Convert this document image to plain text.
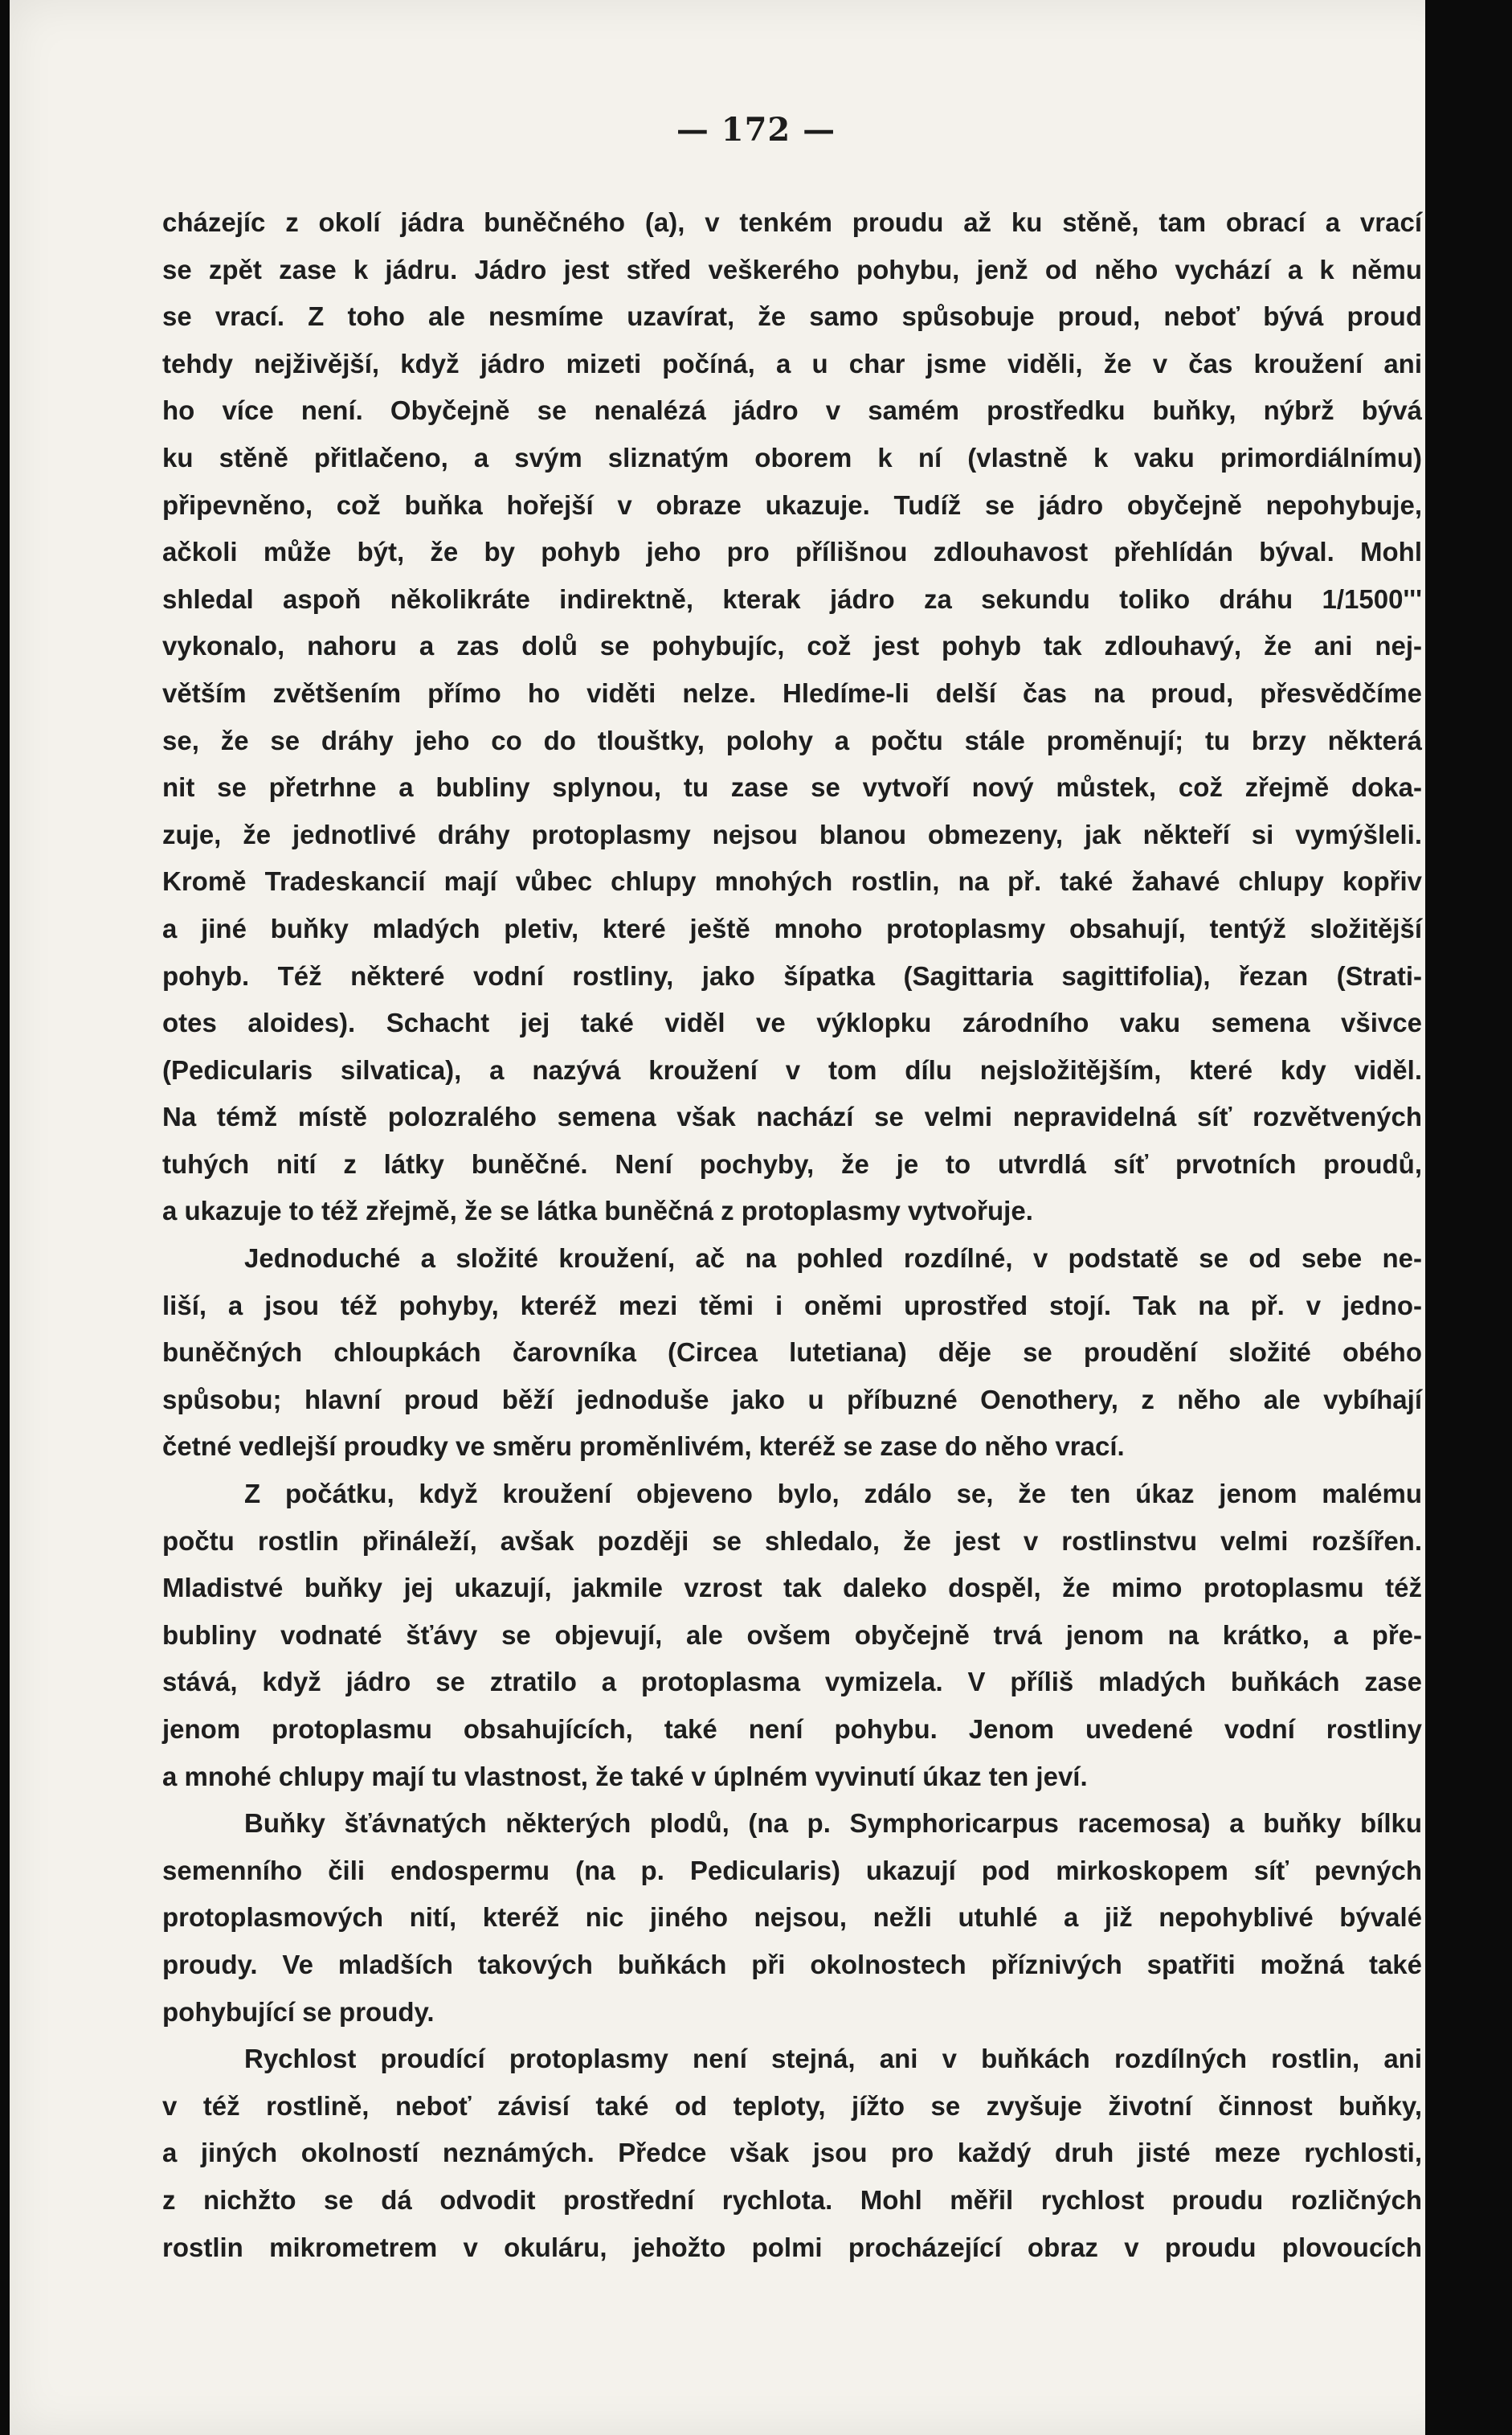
— 172 —
cházejíc z okolí jádra buněčného (a), v tenkém proudu až ku stěně, tam obrací a vrací
se zpět zase k jádru. Jádro jest střed veškerého pohybu, jenž od něho vychází a k němu
se vrací. Z toho ale nesmíme uzavírat, že samo spůsobuje proud, neboť bývá proud
tehdy nejživější, když jádro mizeti počíná, a u char jsme viděli, že v čas kroužení ani
ho více není. Obyčejně se nenalézá jádro v samém prostředku buňky, nýbrž bývá
ku stěně přitlačeno, a svým sliznatým oborem k ní (vlastně k vaku primordiálnímu)
připevněno, což buňka hořejší v obraze ukazuje. Tudíž se jádro obyčejně nepohybuje,
ačkoli může být, že by pohyb jeho pro přílišnou zdlouhavost přehlídán býval. Mohl
shledal aspoň několikráte indirektně, kterak jádro za sekundu toliko dráhu 1/1500'''
vykonalo, nahoru a zas dolů se pohybujíc, což jest pohyb tak zdlouhavý, že ani nej-
větším zvětšením přímo ho viděti nelze. Hledíme-li delší čas na proud, přesvědčíme
se, že se dráhy jeho co do tlouštky, polohy a počtu stále proměnují; tu brzy některá
nit se přetrhne a bubliny splynou, tu zase se vytvoří nový můstek, což zřejmě doka-
zuje, že jednotlivé dráhy protoplasmy nejsou blanou obmezeny, jak někteří si vymýšleli.
Kromě Tradeskancií mají vůbec chlupy mnohých rostlin, na př. také žahavé chlupy kopřiv
a jiné buňky mladých pletiv, které ještě mnoho protoplasmy obsahují, tentýž složitější
pohyb. Též některé vodní rostliny, jako šípatka (Sagittaria sagittifolia), řezan (Strati-
otes aloides). Schacht jej také viděl ve výklopku zárodního vaku semena všivce
(Pedicularis silvatica), a nazývá kroužení v tom dílu nejsložitějším, které kdy viděl.
Na témž místě polozralého semena však nachází se velmi nepravidelná síť rozvětvených
tuhých nití z látky buněčné. Není pochyby, že je to utvrdlá síť prvotních proudů,
a ukazuje to též zřejmě, že se látka buněčná z protoplasmy vytvořuje.
Jednoduché a složité kroužení, ač na pohled rozdílné, v podstatě se od sebe ne-
liší, a jsou též pohyby, kteréž mezi těmi i oněmi uprostřed stojí. Tak na př. v jedno-
buněčných chloupkách čarovníka (Circea lutetiana) děje se proudění složité obého
spůsobu; hlavní proud běží jednoduše jako u příbuzné Oenothery, z něho ale vybíhají
četné vedlejší proudky ve směru proměnlivém, kteréž se zase do něho vrací.
Z počátku, když kroužení objeveno bylo, zdálo se, že ten úkaz jenom malému
počtu rostlin přináleží, avšak později se shledalo, že jest v rostlinstvu velmi rozšířen.
Mladistvé buňky jej ukazují, jakmile vzrost tak daleko dospěl, že mimo protoplasmu též
bubliny vodnaté šťávy se objevují, ale ovšem obyčejně trvá jenom na krátko, a pře-
stává, když jádro se ztratilo a protoplasma vymizela. V příliš mladých buňkách zase
jenom protoplasmu obsahujících, také není pohybu. Jenom uvedené vodní rostliny
a mnohé chlupy mají tu vlastnost, že také v úplném vyvinutí úkaz ten jeví.
Buňky šťávnatých některých plodů, (na p. Symphoricarpus racemosa) a buňky bílku
semenního čili endospermu (na p. Pedicularis) ukazují pod mirkoskopem síť pevných
protoplasmových nití, kteréž nic jiného nejsou, nežli utuhlé a již nepohyblivé bývalé
proudy. Ve mladších takových buňkách při okolnostech příznivých spatřiti možná také
pohybující se proudy.
Rychlost proudící protoplasmy není stejná, ani v buňkách rozdílných rostlin, ani
v též rostlině, neboť závisí také od teploty, jížto se zvyšuje životní činnost buňky,
a jiných okolností neznámých. Předce však jsou pro každý druh jisté meze rychlosti,
z nichžto se dá odvodit prostřední rychlota. Mohl měřil rychlost proudu rozličných
rostlin mikrometrem v okuláru, jehožto polmi procházející obraz v proudu plovoucích
